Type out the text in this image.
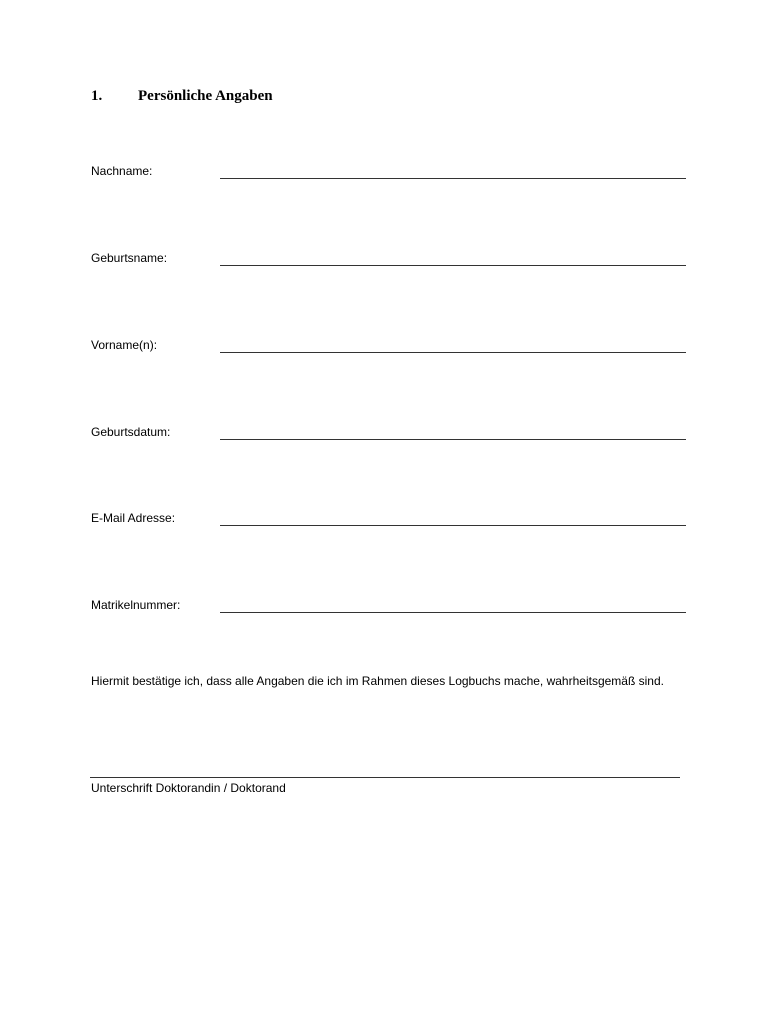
1. Persönliche Angaben
Nachname:
Geburtsname:
Vorname(n):
Geburtsdatum:
E-Mail Adresse:
Matrikelnummer:

Hiermit bestätige ich, dass alle Angaben die ich im Rahmen dieses Logbuchs mache, wahrheitsgemäß sind.

Unterschrift Doktorandin / Doktorand
